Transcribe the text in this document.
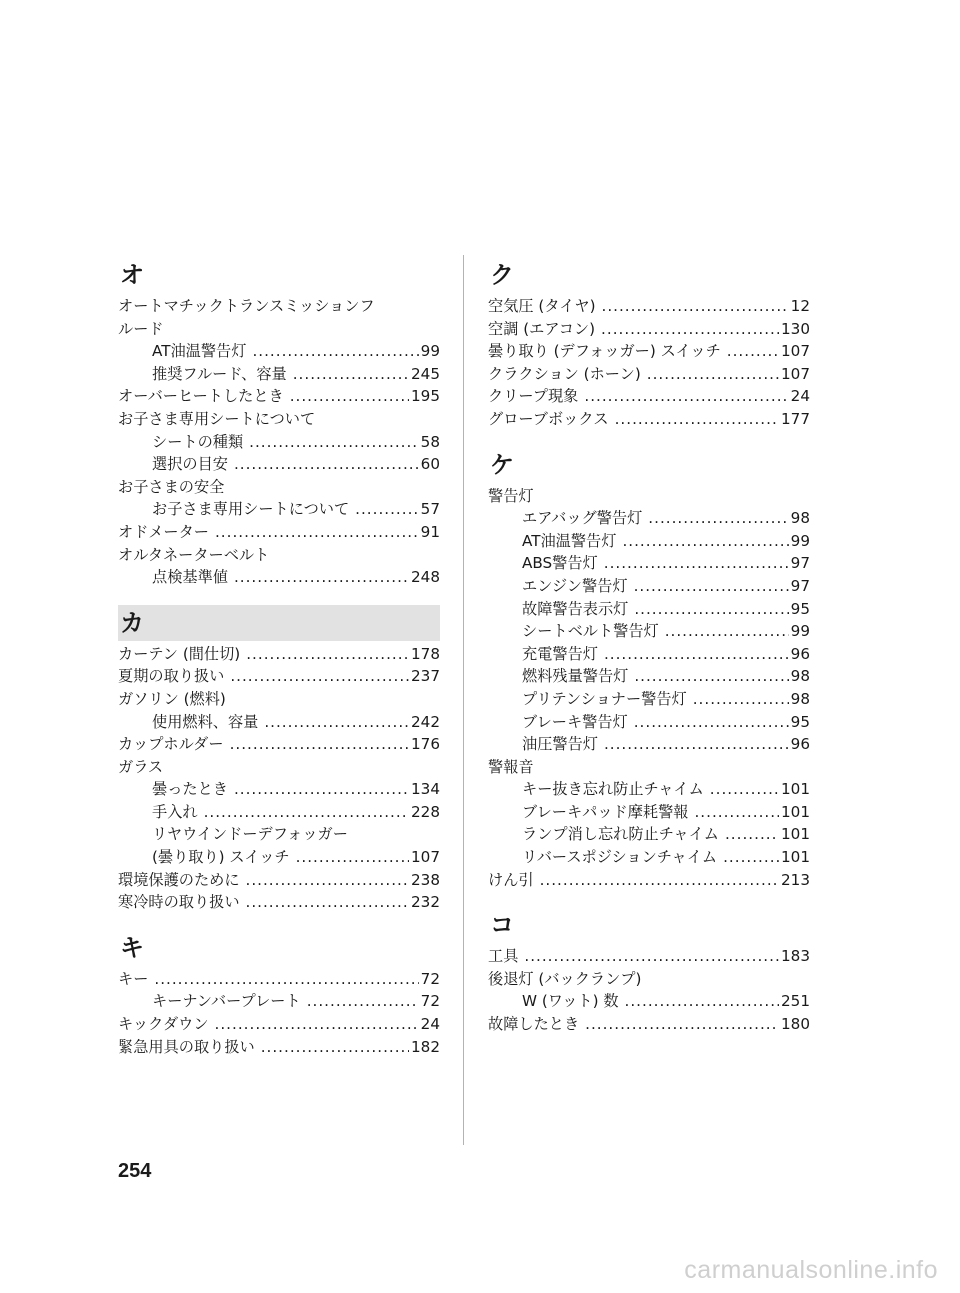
オ
オートマチックトランスミッションフ
ルード
AT油温警告灯 .....	99
推奨フルード、容量 .....	245
オーバーヒートしたとき .....	195
お子さま専用シートについて
シートの種類 .....	58
選択の目安 .....	60
お子さまの安全
お子さま専用シートについて .....	57
オドメーター .....	91
オルタネーターベルト
点検基準値 .....	248
カ
カーテン (間仕切) .....	178
夏期の取り扱い .....	237
ガソリン (燃料)
使用燃料、容量 .....	242
カップホルダー .....	176
ガラス
曇ったとき .....	134
手入れ .....	228
リヤウインドーデフォッガー
(曇り取り) スイッチ .....	107
環境保護のために .....	238
寒冷時の取り扱い .....	232
キ
キー .....	72
キーナンバープレート .....	72
キックダウン .....	24
緊急用具の取り扱い .....	182
ク
空気圧 (タイヤ) .....	12
空調 (エアコン) .....	130
曇り取り (デフォッガー) スイッチ .....	107
クラクション (ホーン) .....	107
クリープ現象 .....	24
グローブボックス .....	177
ケ
警告灯
エアバッグ警告灯 .....	98
AT油温警告灯 .....	99
ABS警告灯 .....	97
エンジン警告灯 .....	97
故障警告表示灯 .....	95
シートベルト警告灯 .....	99
充電警告灯 .....	96
燃料残量警告灯 .....	98
プリテンショナー警告灯 .....	98
ブレーキ警告灯 .....	95
油圧警告灯 .....	96
警報音
キー抜き忘れ防止チャイム .....	101
ブレーキパッド摩耗警報 .....	101
ランプ消し忘れ防止チャイム .....	101
リバースポジションチャイム .....	101
けん引 .....	213
コ
工具 .....	183
後退灯 (バックランプ)
W (ワット) 数 .....	251
故障したとき .....	180
254
carmanualsonline.info
